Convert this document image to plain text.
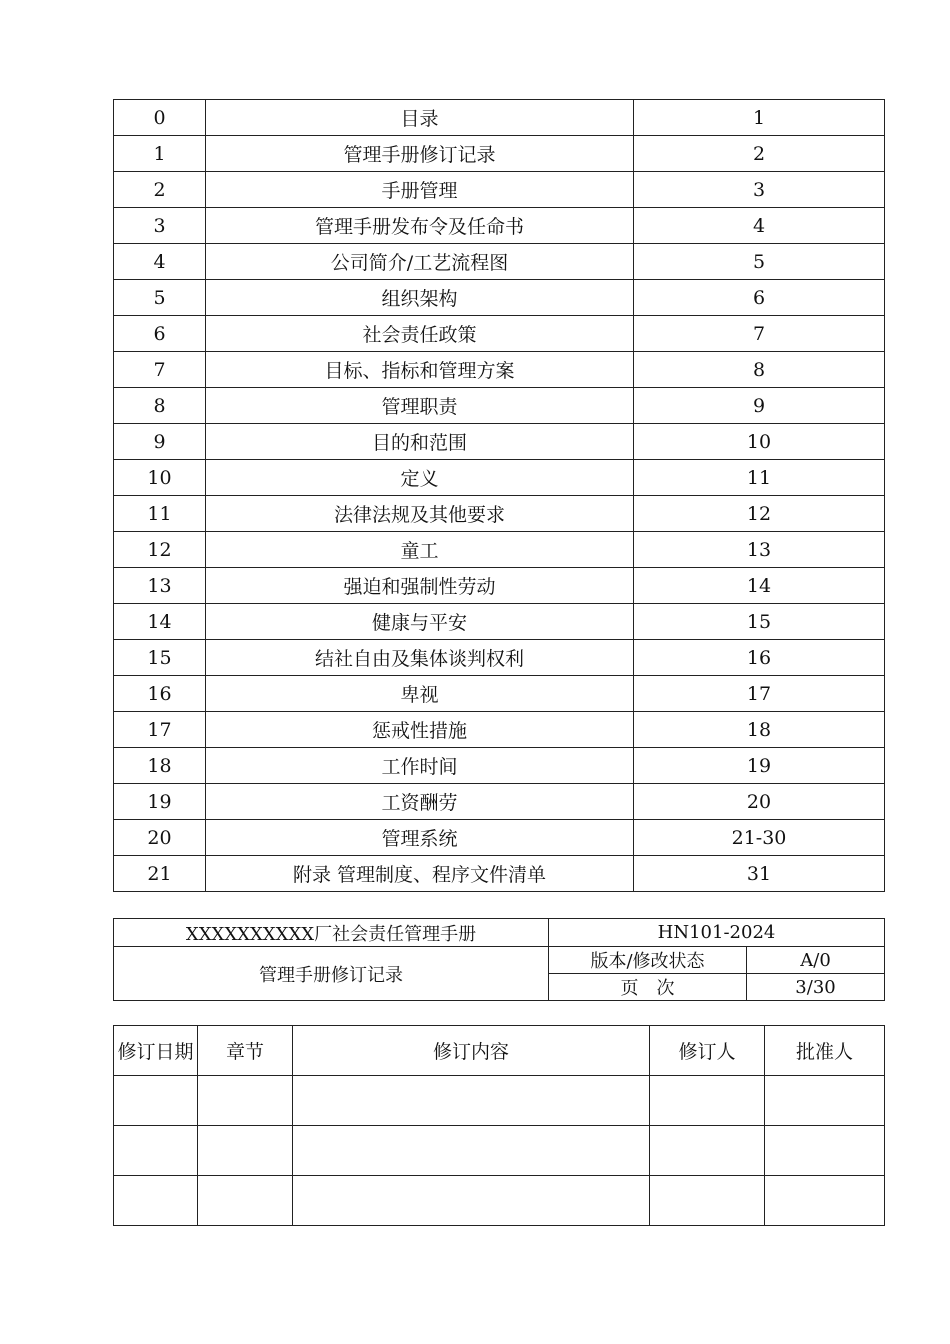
0	目录	1
1	管理手册修订记录	2
2	手册管理	3
3	管理手册发布令及任命书	4
4	公司简介/工艺流程图	5
5	组织架构	6
6	社会责任政策	7
7	目标、指标和管理方案	8
8	管理职责	9
9	目的和范围	10
10	定义	11
11	法律法规及其他要求	12
12	童工	13
13	强迫和强制性劳动	14
14	健康与平安	15
15	结社自由及集体谈判权利	16
16	卑视	17
17	惩戒性措施	18
18	工作时间	19
19	工资酬劳	20
20	管理系统	21-30
21	附录 管理制度、程序文件清单	31
XXXXXXXXXX厂社会责任管理手册	HN101-2024	
管理手册修订记录	版本/修改状态	A/0
	页　次	3/30
修订日期	章节	修订内容	修订人	批准人
